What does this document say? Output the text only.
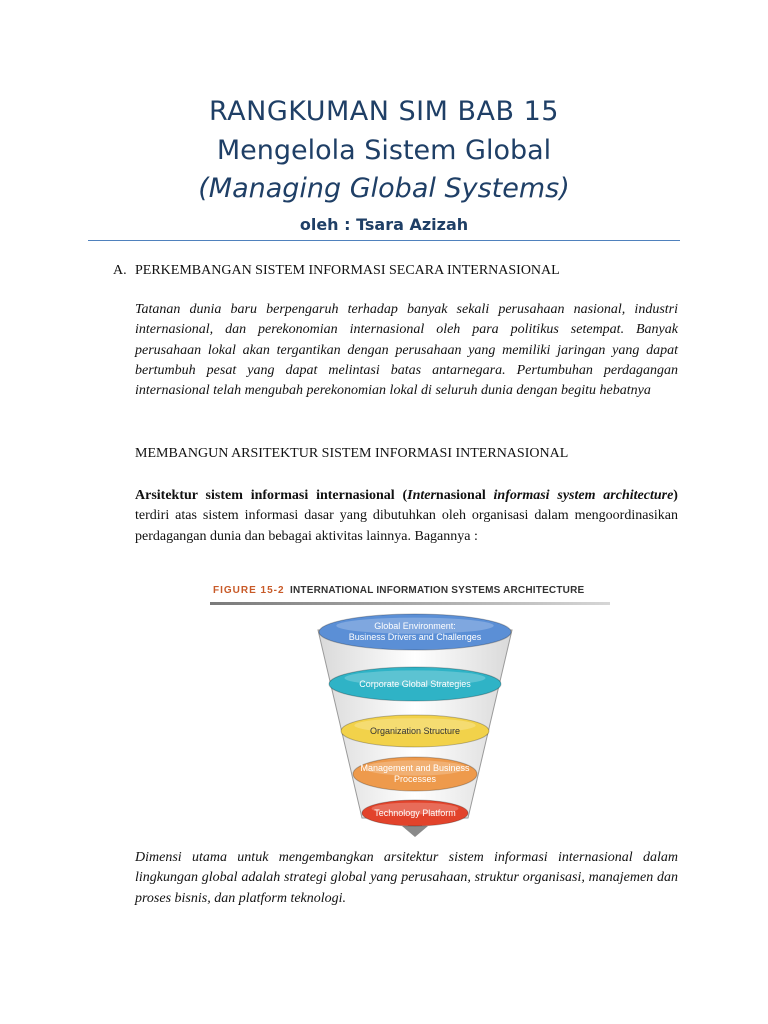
RANGKUMAN SIM BAB 15
Mengelola Sistem Global
(Managing Global Systems)
oleh : Tsara Azizah
A. PERKEMBANGAN SISTEM INFORMASI SECARA INTERNASIONAL
Tatanan dunia baru berpengaruh terhadap banyak sekali perusahaan nasional, industri internasional, dan perekonomian internasional oleh para politikus setempat. Banyak perusahaan lokal akan tergantikan dengan perusahaan yang memiliki jaringan yang dapat bertumbuh pesat yang dapat melintasi batas antarnegara. Pertumbuhan perdagangan internasional telah mengubah perekonomian lokal di seluruh dunia dengan begitu hebatnya
MEMBANGUN ARSITEKTUR SISTEM INFORMASI INTERNASIONAL
Arsitektur sistem informasi internasional (Internasional informasi system architecture) terdiri atas sistem informasi dasar yang dibutuhkan oleh organisasi dalam mengoordinasikan perdagangan dunia dan bebagai aktivitas lainnya. Bagannya :
FIGURE 15-2 INTERNATIONAL INFORMATION SYSTEMS ARCHITECTURE
Global Environment:
Business Drivers and Challenges
Corporate Global Strategies
Organization Structure
Management and Business
Processes
Technology Platform
Dimensi utama untuk mengembangkan arsitektur sistem informasi internasional dalam lingkungan global adalah strategi global yang perusahaan, struktur organisasi, manajemen dan proses bisnis, dan platform teknologi.
